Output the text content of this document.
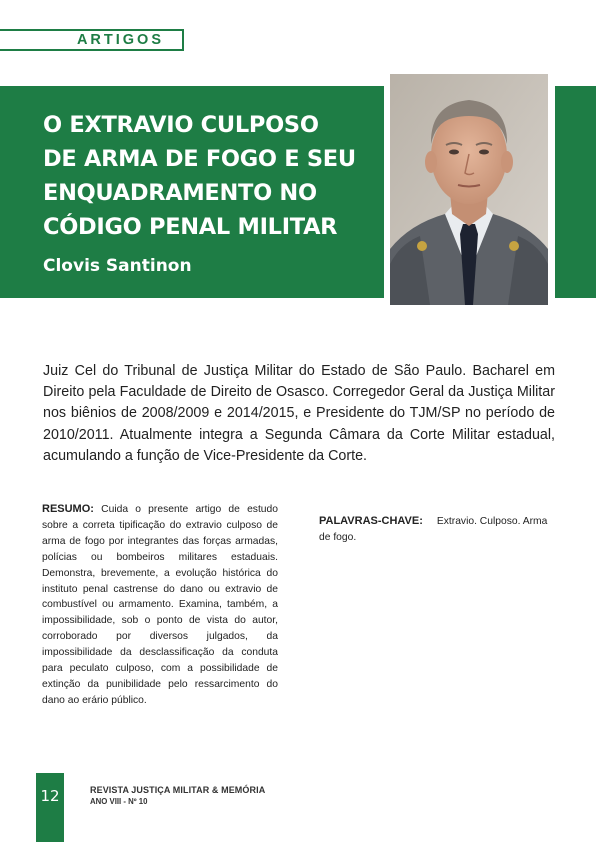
ARTIGOS
O EXTRAVIO CULPOSO
DE ARMA DE FOGO E SEU
ENQUADRAMENTO NO
CÓDIGO PENAL MILITAR
Clovis Santinon

Juiz Cel do Tribunal de Justiça Militar do Estado de São Paulo. Bacharel em Direito pela Faculdade de Direito de Osasco. Corregedor Geral da Justiça Militar nos biênios de 2008/2009 e 2014/2015, e Presidente do TJM/SP no período de 2010/2011. Atualmente integra a Segunda Câmara da Corte Militar estadual, acumulando a função de Vice-Presidente da Corte.

RESUMO: Cuida o presente artigo de estudo sobre a correta tipificação do extravio culposo de arma de fogo por integrantes das forças armadas, polícias ou bombeiros militares estaduais. Demonstra, brevemente, a evolução histórica do instituto penal castrense do dano ou extravio de combustível ou armamento. Examina, também, a impossibilidade, sob o ponto de vista do autor, corroborado por diversos julgados, da impossibilidade da desclassificação da conduta para peculato culposo, com a possibilidade de extinção da punibilidade pelo ressarcimento do dano ao erário público.
PALAVRAS-CHAVE: Extravio. Culposo. Arma de fogo.
12	REVISTA JUSTIÇA MILITAR & MEMÓRIA
ANO VIII - Nº 10
